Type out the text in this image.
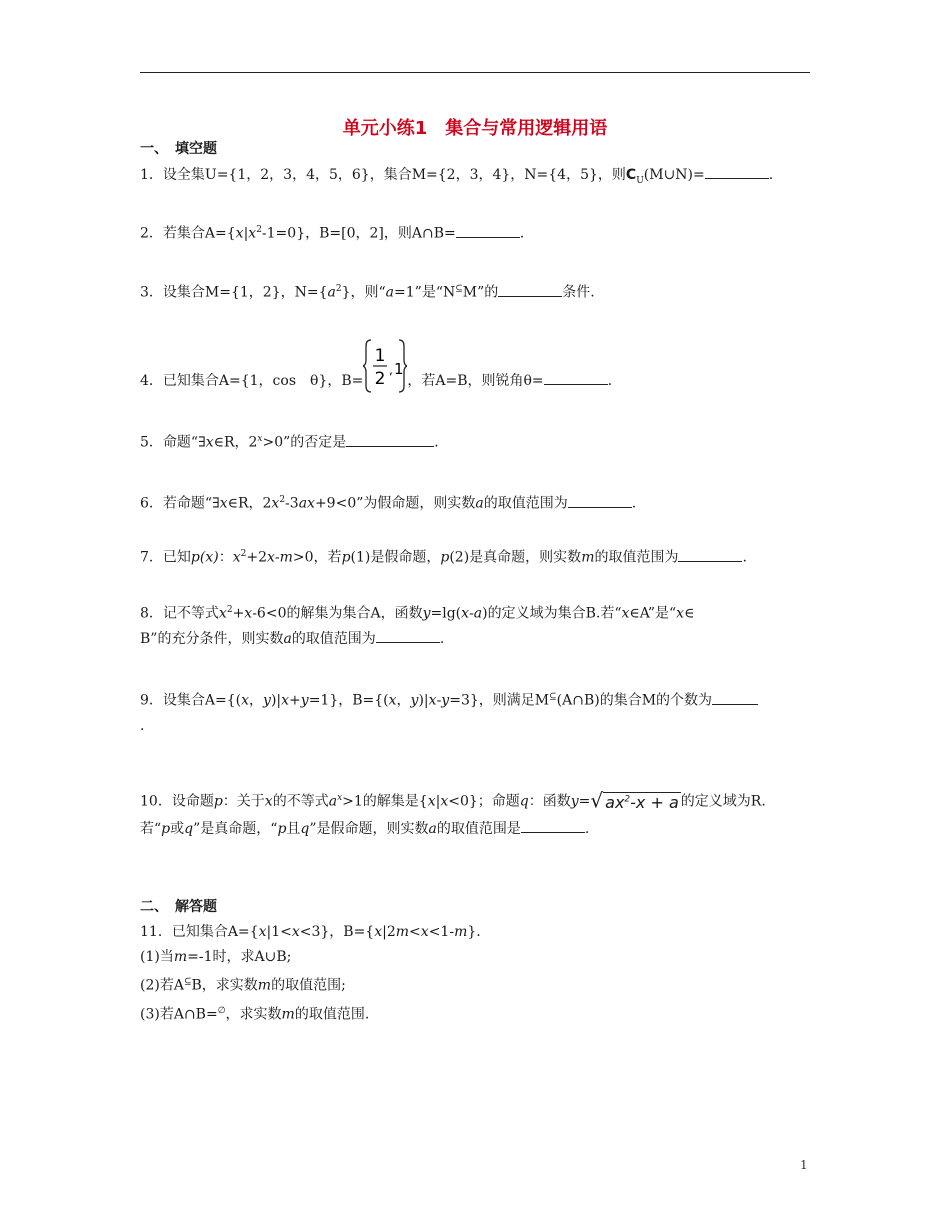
单元小练1　集合与常用逻辑用语
一、　填空题
1．设全集U={1，2，3，4，5，6}，集合M={2，3，4}，N={4，5}，则$C_U(M\cup N)=$	.
2．若集合$A=\{x|x^2-1=0\}$，B=[0，2]，则A∩B=	.
3．设集合M={1，2}，$N=\{a^2\}$，则“a=1”是“N⊆M”的	条件.
4．已知集合A={1，cos　θ}，B=
1
2 , 1
，若A=B，则锐角θ=	.
5．命题“∃x∈R，$2^x>0$”的否定是	.
6．若命题“∃x∈R，$2x^2-3ax+9<0$”为假命题，则实数a的取值范围为	.
7．已知p(x)：$x^2+2x-m>0$，若p(1)是假命题，p(2)是真命题，则实数m的取值范围为	.
8．记不等式$x^2+x-6<0$的解集为集合A，函数y=lg(x-a)的定义域为集合B.若“x∈A”是“x∈
B”的充分条件，则实数a的取值范围为	.
9．设集合A={(x，y)|x+y=1}，B={(x，y)|x-y=3}，则满足M⊆(A∩B)的集合M的个数为
.
10．设命题p：关于x的不等式$a^x>1$的解集是{x|x<0}；命题q：函数y=√ $ax^2-x + a$ 的定义域为R.
若“p或q”是真命题，“p且q”是假命题，则实数a的取值范围是	.
二、　解答题
11．已知集合A={x|1<x<3}，B={x|2m<x<1-m}.
(1)当m=-1时，求A∪B;
(2)若A⊆B，求实数m的取值范围;
(3)若A∩B=∅，求实数m的取值范围.
1
